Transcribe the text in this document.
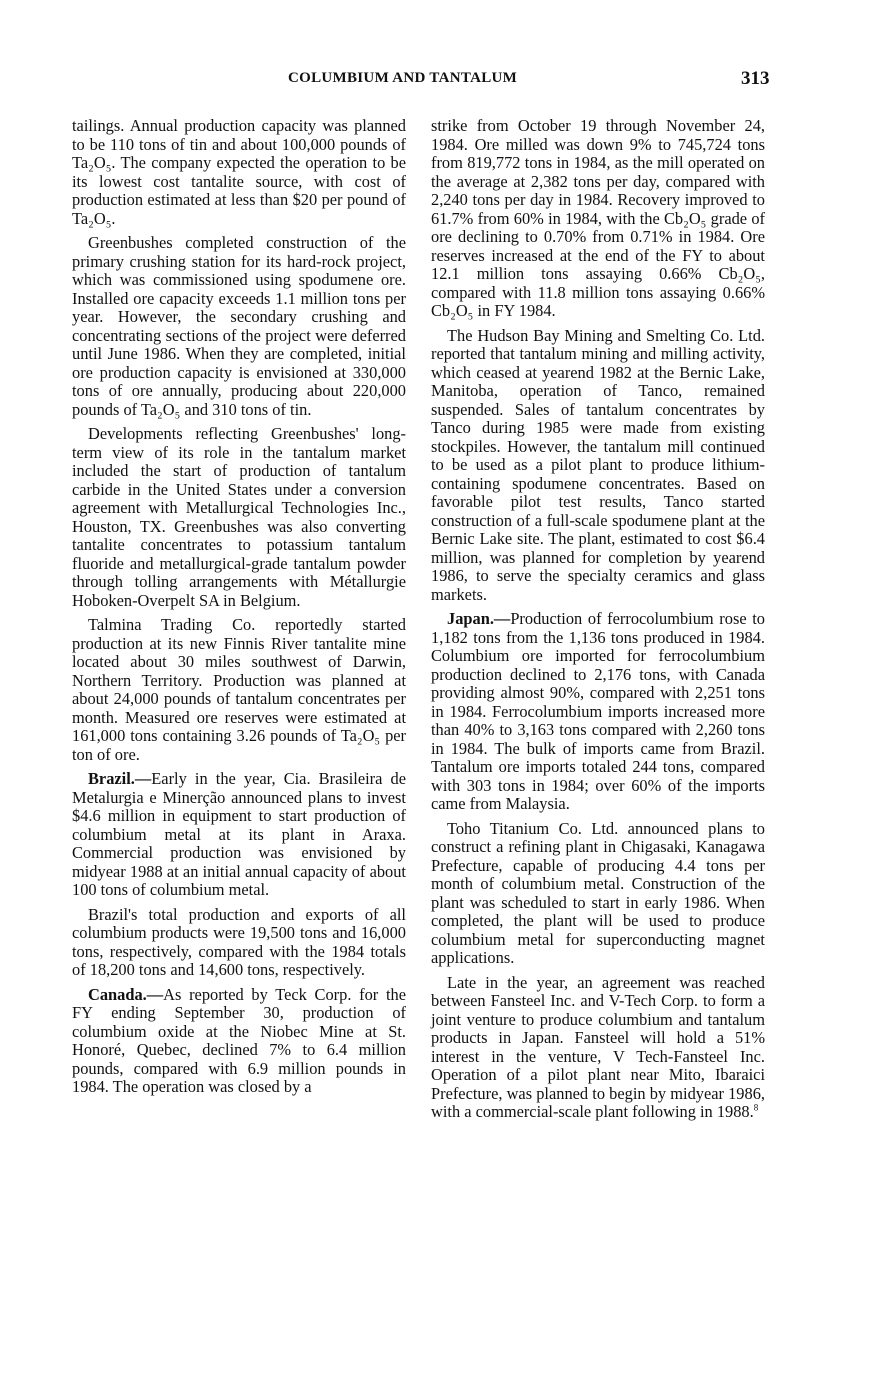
COLUMBIUM AND TANTALUM	313

tailings. Annual production capacity was planned to be 110 tons of tin and about 100,000 pounds of Ta₂O₅. The company expected the operation to be its lowest cost tantalite source, with cost of production estimated at less than $20 per pound of Ta₂O₅.

Greenbushes completed construction of the primary crushing station for its hard-rock project, which was commissioned using spodumene ore. Installed ore capacity exceeds 1.1 million tons per year. However, the secondary crushing and concentrating sections of the project were deferred until June 1986. When they are completed, initial ore production capacity is envisioned at 330,000 tons of ore annually, producing about 220,000 pounds of Ta₂O₅ and 310 tons of tin.

Developments reflecting Greenbushes' long-term view of its role in the tantalum market included the start of production of tantalum carbide in the United States under a conversion agreement with Metallurgical Technologies Inc., Houston, TX. Greenbushes was also converting tantalite concentrates to potassium tantalum fluoride and metallurgical-grade tantalum powder through tolling arrangements with Métallurgie Hoboken-Overpelt SA in Belgium.

Talmina Trading Co. reportedly started production at its new Finnis River tantalite mine located about 30 miles southwest of Darwin, Northern Territory. Production was planned at about 24,000 pounds of tantalum concentrates per month. Measured ore reserves were estimated at 161,000 tons containing 3.26 pounds of Ta₂O₅ per ton of ore.

Brazil.—Early in the year, Cia. Brasileira de Metalurgia e Minerção announced plans to invest $4.6 million in equipment to start production of columbium metal at its plant in Araxa. Commercial production was envisioned by midyear 1988 at an initial annual capacity of about 100 tons of columbium metal.

Brazil's total production and exports of all columbium products were 19,500 tons and 16,000 tons, respectively, compared with the 1984 totals of 18,200 tons and 14,600 tons, respectively.

Canada.—As reported by Teck Corp. for the FY ending September 30, production of columbium oxide at the Niobec Mine at St. Honoré, Quebec, declined 7% to 6.4 million pounds, compared with 6.9 million pounds in 1984. The operation was closed by a

strike from October 19 through November 24, 1984. Ore milled was down 9% to 745,724 tons from 819,772 tons in 1984, as the mill operated on the average at 2,382 tons per day, compared with 2,240 tons per day in 1984. Recovery improved to 61.7% from 60% in 1984, with the Cb₂O₅ grade of ore declining to 0.70% from 0.71% in 1984. Ore reserves increased at the end of the FY to about 12.1 million tons assaying 0.66% Cb₂O₅, compared with 11.8 million tons assaying 0.66% Cb₂O₅ in FY 1984.

The Hudson Bay Mining and Smelting Co. Ltd. reported that tantalum mining and milling activity, which ceased at yearend 1982 at the Bernic Lake, Manitoba, operation of Tanco, remained suspended. Sales of tantalum concentrates by Tanco during 1985 were made from existing stockpiles. However, the tantalum mill continued to be used as a pilot plant to produce lithium-containing spodumene concentrates. Based on favorable pilot test results, Tanco started construction of a full-scale spodumene plant at the Bernic Lake site. The plant, estimated to cost $6.4 million, was planned for completion by yearend 1986, to serve the specialty ceramics and glass markets.

Japan.—Production of ferrocolumbium rose to 1,182 tons from the 1,136 tons produced in 1984. Columbium ore imported for ferrocolumbium production declined to 2,176 tons, with Canada providing almost 90%, compared with 2,251 tons in 1984. Ferrocolumbium imports increased more than 40% to 3,163 tons compared with 2,260 tons in 1984. The bulk of imports came from Brazil. Tantalum ore imports totaled 244 tons, compared with 303 tons in 1984; over 60% of the imports came from Malaysia.

Toho Titanium Co. Ltd. announced plans to construct a refining plant in Chigasaki, Kanagawa Prefecture, capable of producing 4.4 tons per month of columbium metal. Construction of the plant was scheduled to start in early 1986. When completed, the plant will be used to produce columbium metal for superconducting magnet applications.

Late in the year, an agreement was reached between Fansteel Inc. and V-Tech Corp. to form a joint venture to produce columbium and tantalum products in Japan. Fansteel will hold a 51% interest in the venture, V Tech-Fansteel Inc. Operation of a pilot plant near Mito, Ibaraici Prefecture, was planned to begin by midyear 1986, with a commercial-scale plant following in 1988.$^8$
